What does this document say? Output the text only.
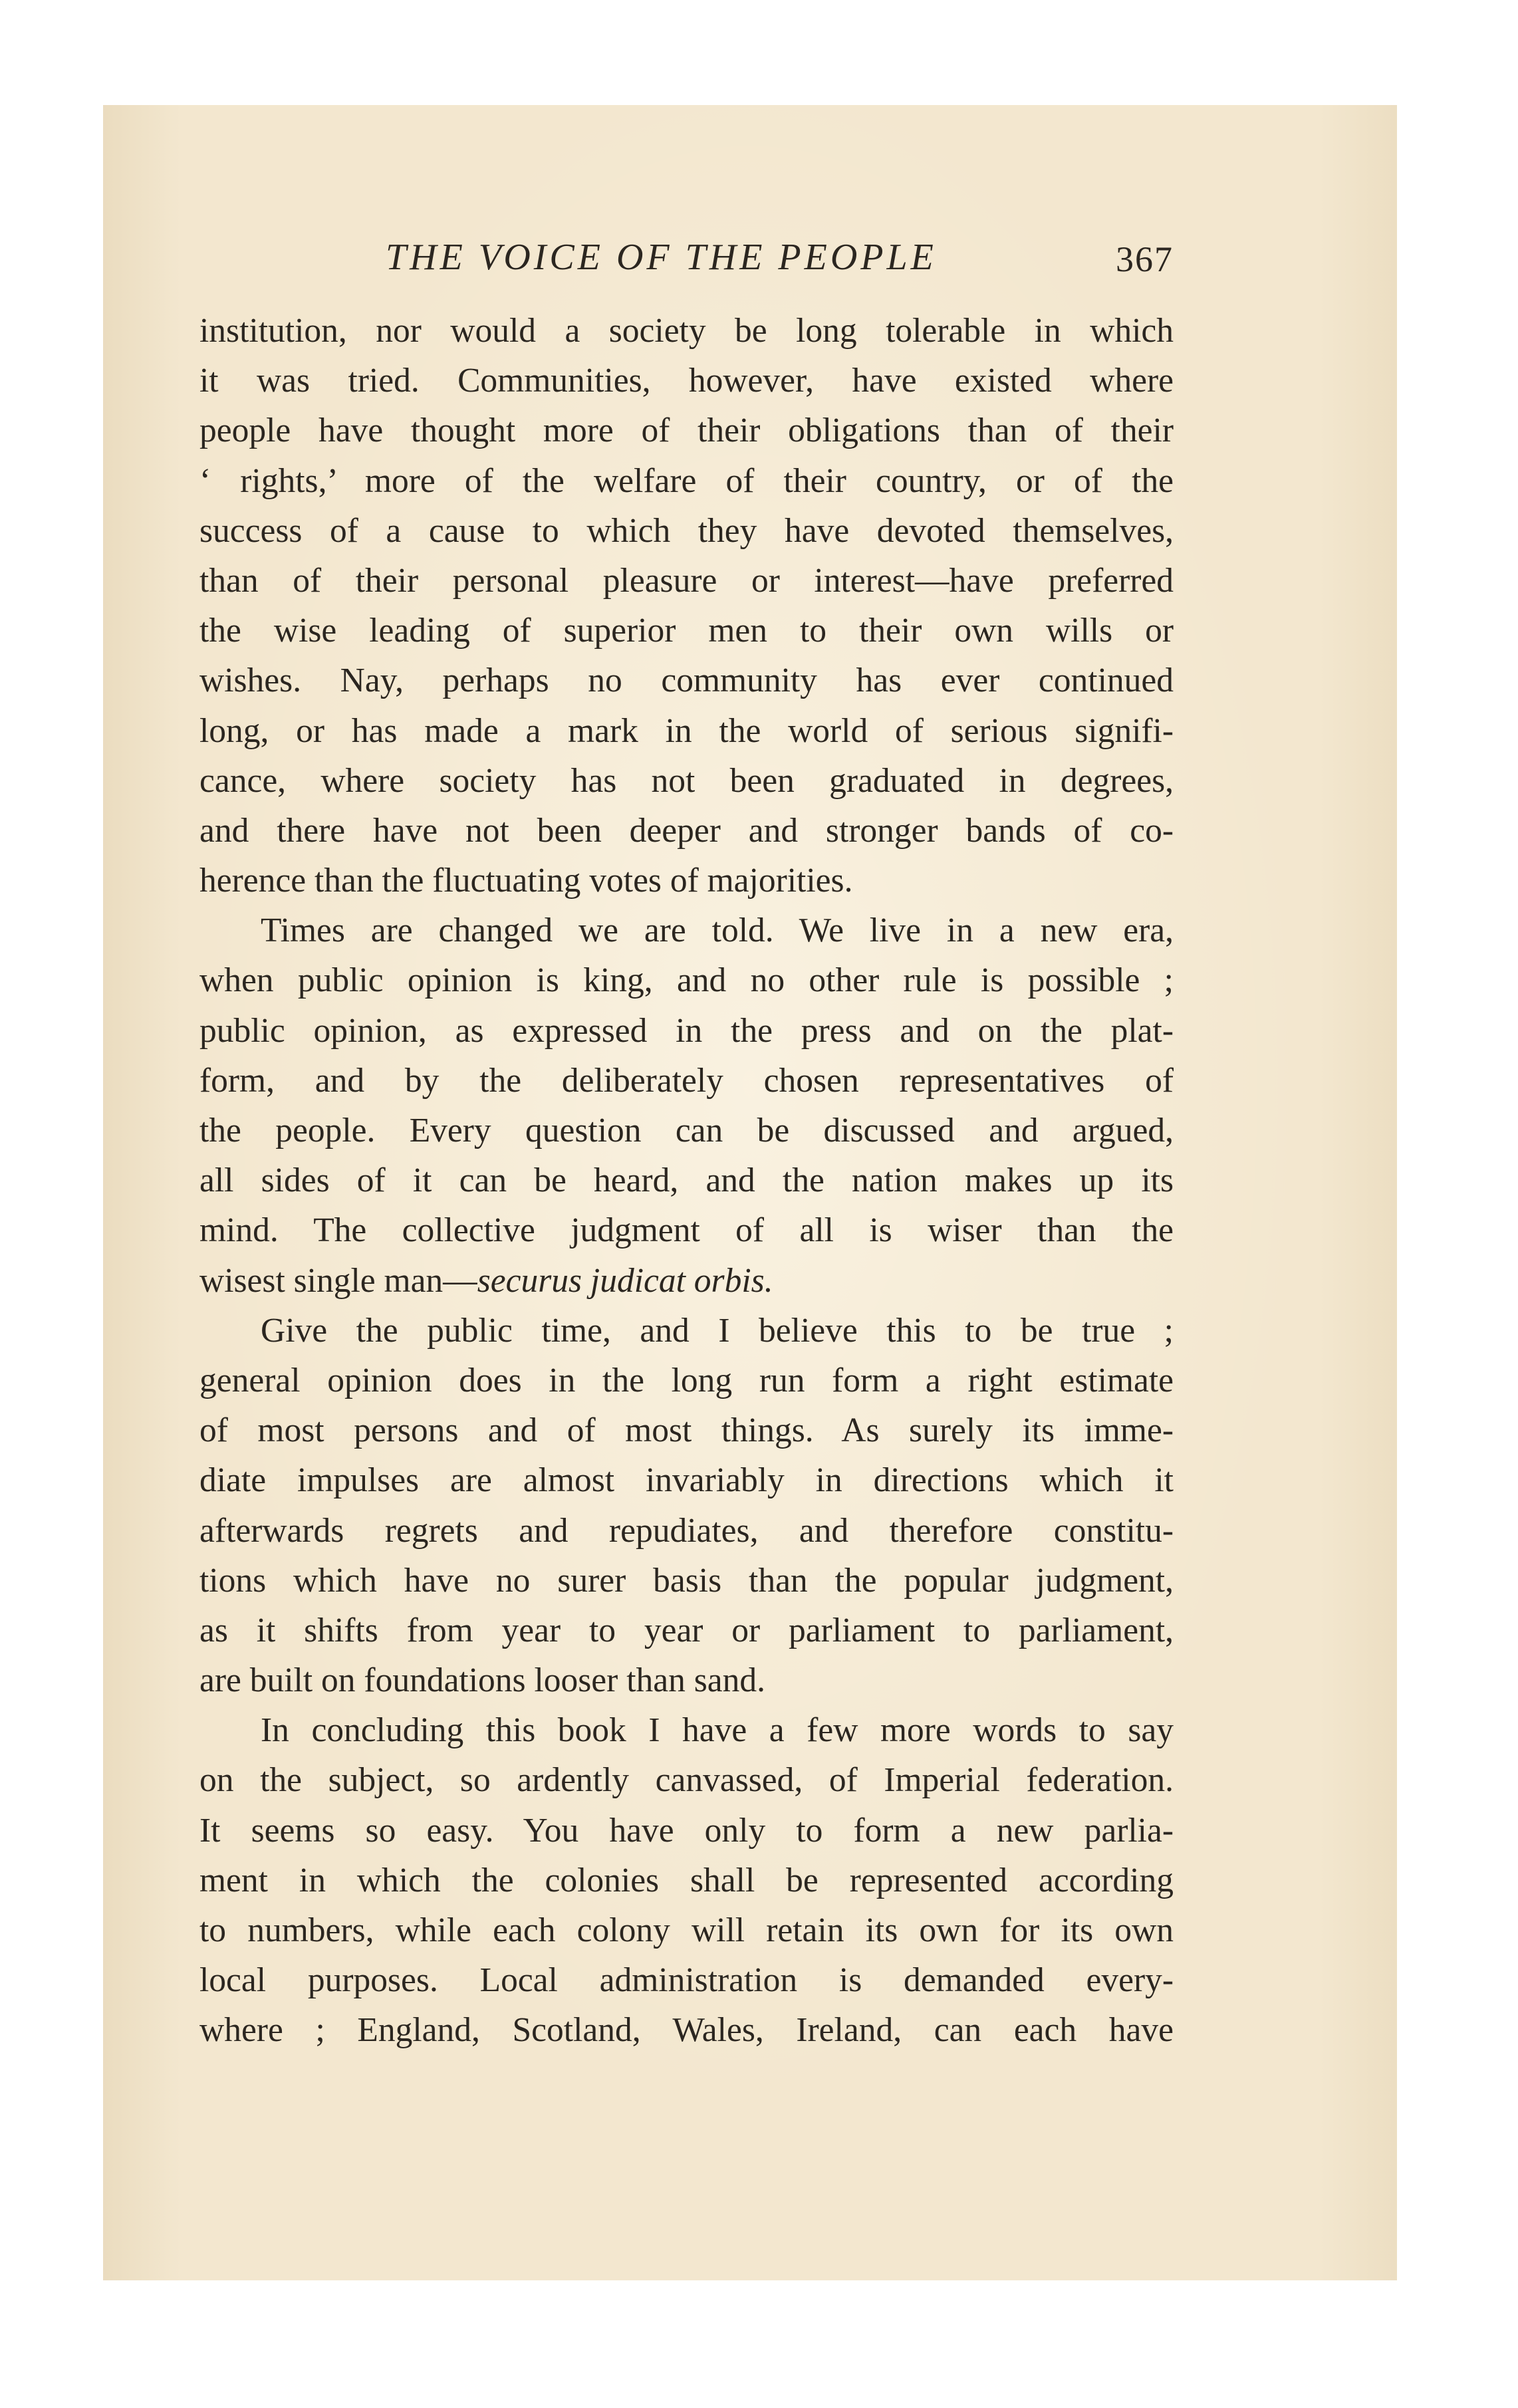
THE VOICE OF THE PEOPLE	367
institution, nor would a society be long tolerable in which
it was tried. Communities, however, have existed where
people have thought more of their obligations than of their
‘ rights,’ more of the welfare of their country, or of the
success of a cause to which they have devoted themselves,
than of their personal pleasure or interest—have preferred
the wise leading of superior men to their own wills or
wishes. Nay, perhaps no community has ever continued
long, or has made a mark in the world of serious signifi-
cance, where society has not been graduated in degrees,
and there have not been deeper and stronger bands of co-
herence than the fluctuating votes of majorities.
Times are changed we are told. We live in a new era,
when public opinion is king, and no other rule is possible ;
public opinion, as expressed in the press and on the plat-
form, and by the deliberately chosen representatives of
the people. Every question can be discussed and argued,
all sides of it can be heard, and the nation makes up its
mind. The collective judgment of all is wiser than the
wisest single man—securus judicat orbis.
Give the public time, and I believe this to be true ;
general opinion does in the long run form a right estimate
of most persons and of most things. As surely its imme-
diate impulses are almost invariably in directions which it
afterwards regrets and repudiates, and therefore constitu-
tions which have no surer basis than the popular judgment,
as it shifts from year to year or parliament to parliament,
are built on foundations looser than sand.
In concluding this book I have a few more words to say
on the subject, so ardently canvassed, of Imperial federation.
It seems so easy. You have only to form a new parlia-
ment in which the colonies shall be represented according
to numbers, while each colony will retain its own for its own
local purposes. Local administration is demanded every-
where ; England, Scotland, Wales, Ireland, can each have
